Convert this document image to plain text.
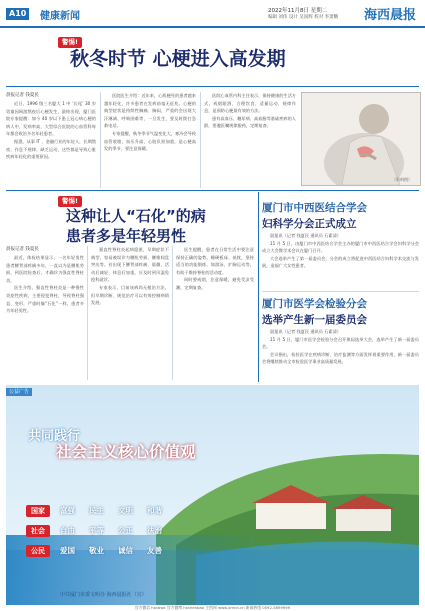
A10	健康新闻	2022年11月8日 星期二
编辑 刘伟 设计 吴国辉 校对 李萧鹏 海西晨报
警惕!
秋冬时节 心梗进入高发期
晨报记者 钱夏民

近日，1996 级三名厦大 1 中 ‘长尾’ 30 岁男童因网游熬夜后心梗发生，最终出现，厦门医院专家提醒：如今 40 岁以下患上冠心病心梗的病人中，发病率高，大型综合医院的心血管科每年都会收治多名年轻患者。

据悉，从事 IT 、金融行业的年轻人，长期熬夜、作息不规律、缺乏运动，这些都是导致心脏疾病年轻化的重要原因。

医院医生介绍：近年来，心肌梗死的患者越来越年轻化，许多患者在发病前毫无征兆。心梗的典型症状是持续性胸痛、胸闷，严重的会出现大汗淋漓、呼吸困难等，一旦发生，要及时拨打急救电话。

专家提醒，秋冬季节气温变化大，寒冷会导致血管收缩，血压升高，心脏负担加重，是心梗高发的季节，要注意保暖。

医院心血管内科主任表示，保持健康的生活方式，戒烟限酒、合理饮食、适量运动、规律作息，是预防心梗最有效的方法。

患有高血压、糖尿病、高血脂等基础疾病的人群，要遵医嘱规律服药，定期复查。

（资料图）
警惕!
这种让人“石化”的病
患者多是年轻男性
晨报记者 钱夏民

最近，体检结果显示，一名年轻男性患者腰背部疼痛多年，一直以为是腰肌劳损，到医院检查后，才确诊为强直性脊柱炎。

医生介绍，强直性脊柱炎是一种慢性炎症性疾病，主要侵犯脊柱，导致脊柱强直、变形，严重时像“石化”一样，患者多为年轻男性。

强直性脊柱炎起病隐匿，早期症状不典型，容易被误诊为腰肌劳损、腰椎间盘突出等。若出现下腰背部疼痛、晨僵，活动后减轻，休息后加重，应及时到风湿免疫科就诊。

专家表示，目前该病尚无根治方法，但早期诊断、规范治疗可以有效控制病情发展。

医生提醒，患者在日常生活中要注意保持正确的姿势，睡硬板床、低枕，坚持适当的功能锻炼，如游泳、扩胸运动等，有助于维持脊柱的活动度。

同时要戒烟，注意保暖，避免受凉受潮，定期复查。

厦门市中西医结合学会
妇科学分会正式成立

晨报讯（记者 钱夏民 通讯员 石素清）

11 月 5 日，由厦门市中西医结合学会主办的厦门市中西医结合学会妇科学分会成立大会暨学术会议在厦门召开。

大会选举产生了第一届委员会，分会的成立将促进中西医结合妇科学术交流与发展，造福广大女性患者。

厦门市医学会检验分会
选举产生新一届委员会

晨报讯（记者 钱夏民 通讯员 石素清）

11 月 5 日，厦门市医学会检验分会召开换届选举大会，选举产生了新一届委员会。

会议指出，检验医学在疾病诊断、治疗监测等方面发挥着重要作用，新一届委员会将继续推动全市检验医学事业高质量发展。

公益广告
共同践行
社会主义核心价值观
国家 富强 民主 文明 和谐
社会 自由 平等 公正 法治
公民 爱国 敬业 诚信 友善
中共厦门市委文明办 海西晨报社（宣）
官方微信 hxcbwx 官方微博 hxchenbao 主图网 www.xmnn.cn 新闻热线 0592-5899999
